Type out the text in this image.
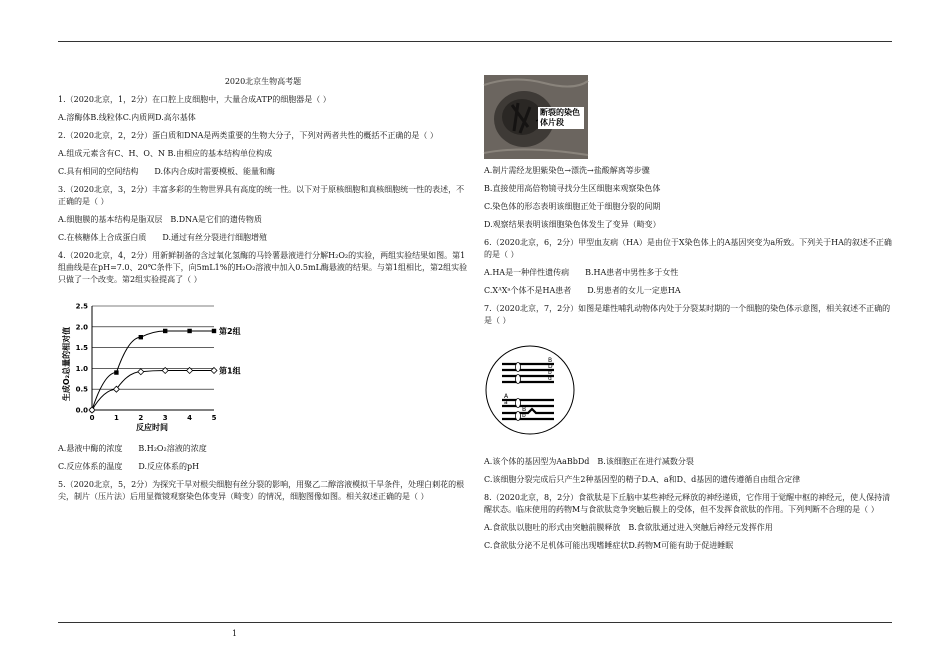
2020北京生物高考题

1.（2020北京，1，2分）在口腔上皮细胞中，大量合成ATP的细胞器是（ ）

A.溶酶体B.线粒体C.内质网D.高尔基体

2.（2020北京，2，2分）蛋白质和DNA是两类重要的生物大分子，下列对两者共性的概括不正确的是（ ）

A.组成元素含有C、H、O、N B.由相应的基本结构单位构成

C.具有相同的空间结构　　D.体内合成时需要模板、能量和酶

3.（2020北京，3，2分）丰富多彩的生物世界具有高度的统一性。以下对于原核细胞和真核细胞统一性的表述，不正确的是（ ）

A.细胞膜的基本结构是脂双层　B.DNA是它们的遗传物质

C.在核糖体上合成蛋白质　　D.通过有丝分裂进行细胞增殖

4.（2020北京，4，2分）用新鲜制备的含过氧化氢酶的马铃薯悬液进行分解H₂O₂的实验，两组实验结果如图。第1组曲线是在pH=7.0、20℃条件下，向5mL1%的H₂O₂溶液中加入0.5mL酶悬液的结果。与第1组相比，第2组实验只做了一个改变。第2组实验提高了（ ）

0.0
0.5
1.0
1.5
2.0
2.5
0	1	2	3	4	5
第2组
第1组
生成O₂总量的相对值
反应时间

A.悬液中酶的浓度　　B.H₂O₂溶液的浓度

C.反应体系的温度　　D.反应体系的pH

5.（2020北京，5，2分）为探究干旱对根尖细胞有丝分裂的影响，用聚乙二醇溶液模拟干旱条件，处理白刺花的根尖，制片（压片法）后用显微镜观察染色体变异（畸变）的情况，细胞图像如图。相关叙述正确的是（ ）

断裂的染色体片段

A.制片需经龙胆紫染色→漂洗→盐酸解离等步骤

B.直接使用高倍物镜寻找分生区细胞来观察染色体

C.染色体的形态表明该细胞正处于细胞分裂的间期

D.观察结果表明该细胞染色体发生了变异（畸变）

6.（2020北京，6，2分）甲型血友病（HA）是由位于X染色体上的A基因突变为a所致。下列关于HA的叙述不正确的是（ ）

A.HA是一种伴性遗传病　　B.HA患者中男性多于女性

C.XᴬXᵃ个体不是HA患者　　D.男患者的女儿一定患HA

7.（2020北京，7，2分）如图是雄性哺乳动物体内处于分裂某时期的一个细胞的染色体示意图，相关叙述不正确的是（ ）

B
D
b
d
A
a
B
b

A.该个体的基因型为AaBbDd　B.该细胞正在进行减数分裂

C.该细胞分裂完成后只产生2种基因型的精子D.A、a和D、d基因的遗传遵循自由组合定律

8.（2020北京，8，2分）食欲肽是下丘脑中某些神经元释放的神经递质，它作用于觉醒中枢的神经元，使人保持清醒状态。临床使用的药物M与食欲肽竞争突触后膜上的受体，但不发挥食欲肽的作用。下列判断不合理的是（ ）

A.食欲肽以胞吐的形式由突触前膜释放　B.食欲肽通过进入突触后神经元发挥作用

C.食欲肽分泌不足机体可能出现嗜睡症状D.药物M可能有助于促进睡眠

1
